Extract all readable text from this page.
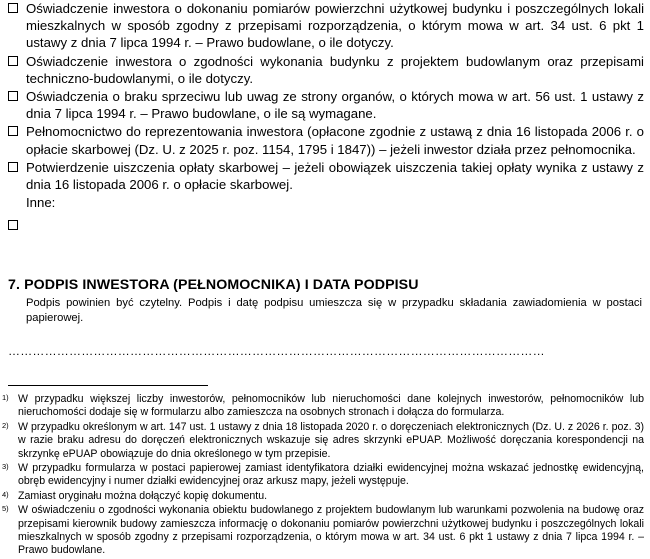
Oświadczenie inwestora o dokonaniu pomiarów powierzchni użytkowej budynku i poszczególnych lokali mieszkalnych w sposób zgodny z przepisami rozporządzenia, o którym mowa w art. 34 ust. 6 pkt 1 ustawy z dnia 7 lipca 1994 r. – Prawo budowlane, o ile dotyczy.
Oświadczenie inwestora o zgodności wykonania budynku z projektem budowlanym oraz przepisami techniczno-budowlanymi, o ile dotyczy.
Oświadczenia o braku sprzeciwu lub uwag ze strony organów, o których mowa w art. 56 ust. 1 ustawy z dnia 7 lipca 1994 r. – Prawo budowlane, o ile są wymagane.
Pełnomocnictwo do reprezentowania inwestora (opłacone zgodnie z ustawą z dnia 16 listopada 2006 r. o opłacie skarbowej (Dz. U. z 2025 r. poz. 1154, 1795 i 1847)) – jeżeli inwestor działa przez pełnomocnika.
Potwierdzenie uiszczenia opłaty skarbowej – jeżeli obowiązek uiszczenia takiej opłaty wynika z ustawy z dnia 16 listopada 2006 r. o opłacie skarbowej.
Inne:
7. PODPIS INWESTORA (PEŁNOMOCNIKA) I DATA PODPISU
Podpis powinien być czytelny. Podpis i datę podpisu umieszcza się w przypadku składania zawiadomienia w postaci papierowej.
……………………………………………………………………………………………………………………
1) W przypadku większej liczby inwestorów, pełnomocników lub nieruchomości dane kolejnych inwestorów, pełnomocników lub nieruchomości dodaje się w formularzu albo zamieszcza na osobnych stronach i dołącza do formularza.
2) W przypadku określonym w art. 147 ust. 1 ustawy z dnia 18 listopada 2020 r. o doręczeniach elektronicznych (Dz. U. z 2026 r. poz. 3) w razie braku adresu do doręczeń elektronicznych wskazuje się adres skrzynki ePUAP. Możliwość doręczania korespondencji na skrzynkę ePUAP obowiązuje do dnia określonego w tym przepisie.
3) W przypadku formularza w postaci papierowej zamiast identyfikatora działki ewidencyjnej można wskazać jednostkę ewidencyjną, obręb ewidencyjny i numer działki ewidencyjnej oraz arkusz mapy, jeżeli występuje.
4) Zamiast oryginału można dołączyć kopię dokumentu.
5) W oświadczeniu o zgodności wykonania obiektu budowlanego z projektem budowlanym lub warunkami pozwolenia na budowę oraz przepisami kierownik budowy zamieszcza informację o dokonaniu pomiarów powierzchni użytkowej budynku i poszczególnych lokali mieszkalnych w sposób zgodny z przepisami rozporządzenia, o którym mowa w art. 34 ust. 6 pkt 1 ustawy z dnia 7 lipca 1994 r. – Prawo budowlane.
